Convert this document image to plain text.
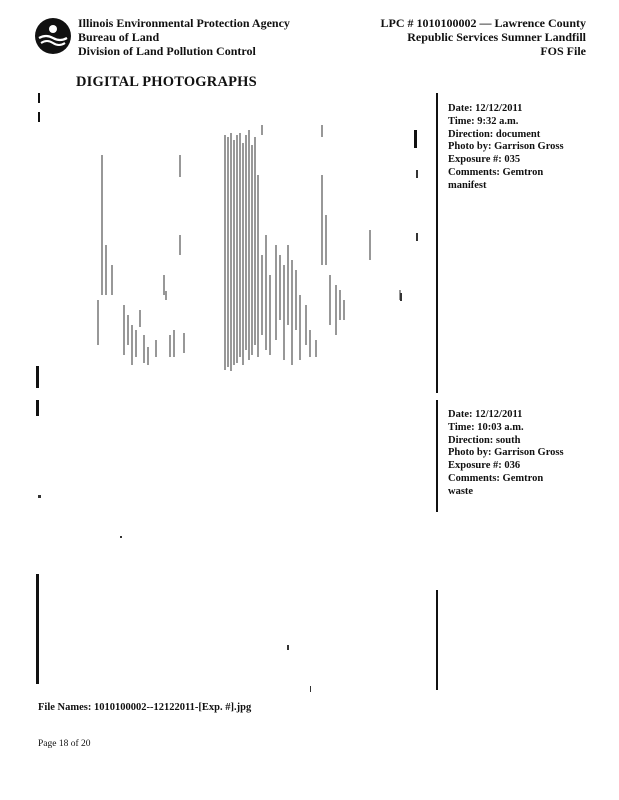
Illinois Environmental Protection Agency
Bureau of Land
Division of Land Pollution Control
LPC # 1010100002 — Lawrence County
Republic Services Sumner Landfill
FOS File
DIGITAL PHOTOGRAPHS
Date: 12/12/2011
Time: 9:32 a.m.
Direction: document
Photo by: Garrison Gross
Exposure #: 035
Comments: Gemtron
manifest
Date: 12/12/2011
Time: 10:03 a.m.
Direction: south
Photo by: Garrison Gross
Exposure #: 036
Comments: Gemtron
waste
File Names: 1010100002--12122011-[Exp. #].jpg
Page 18 of 20
